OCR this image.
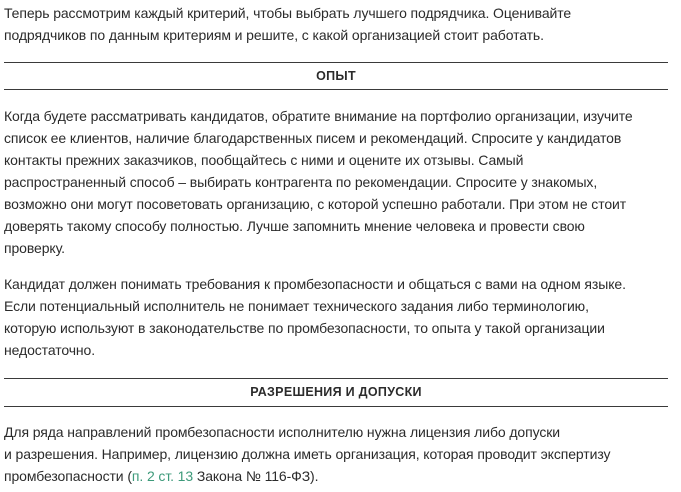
Теперь рассмотрим каждый критерий, чтобы выбрать лучшего подрядчика. Оценивайте
подрядчиков по данным критериям и решите, с какой организацией стоит работать.
ОПЫТ
Когда будете рассматривать кандидатов, обратите внимание на портфолио организации, изучите
список ее клиентов, наличие благодарственных писем и рекомендаций. Спросите у кандидатов
контакты прежних заказчиков, пообщайтесь с ними и оцените их отзывы. Самый
распространенный способ – выбирать контрагента по рекомендации. Спросите у знакомых,
возможно они могут посоветовать организацию, с которой успешно работали. При этом не стоит
доверять такому способу полностью. Лучше запомнить мнение человека и провести свою
проверку.
Кандидат должен понимать требования к промбезопасности и общаться с вами на одном языке.
Если потенциальный исполнитель не понимает технического задания либо терминологию,
которую используют в законодательстве по промбезопасности, то опыта у такой организации
недостаточно.
РАЗРЕШЕНИЯ И ДОПУСКИ
Для ряда направлений промбезопасности исполнителю нужна лицензия либо допуски
и разрешения. Например, лицензию должна иметь организация, которая проводит экспертизу
промбезопасности (п. 2 ст. 13 Закона № 116-ФЗ).
